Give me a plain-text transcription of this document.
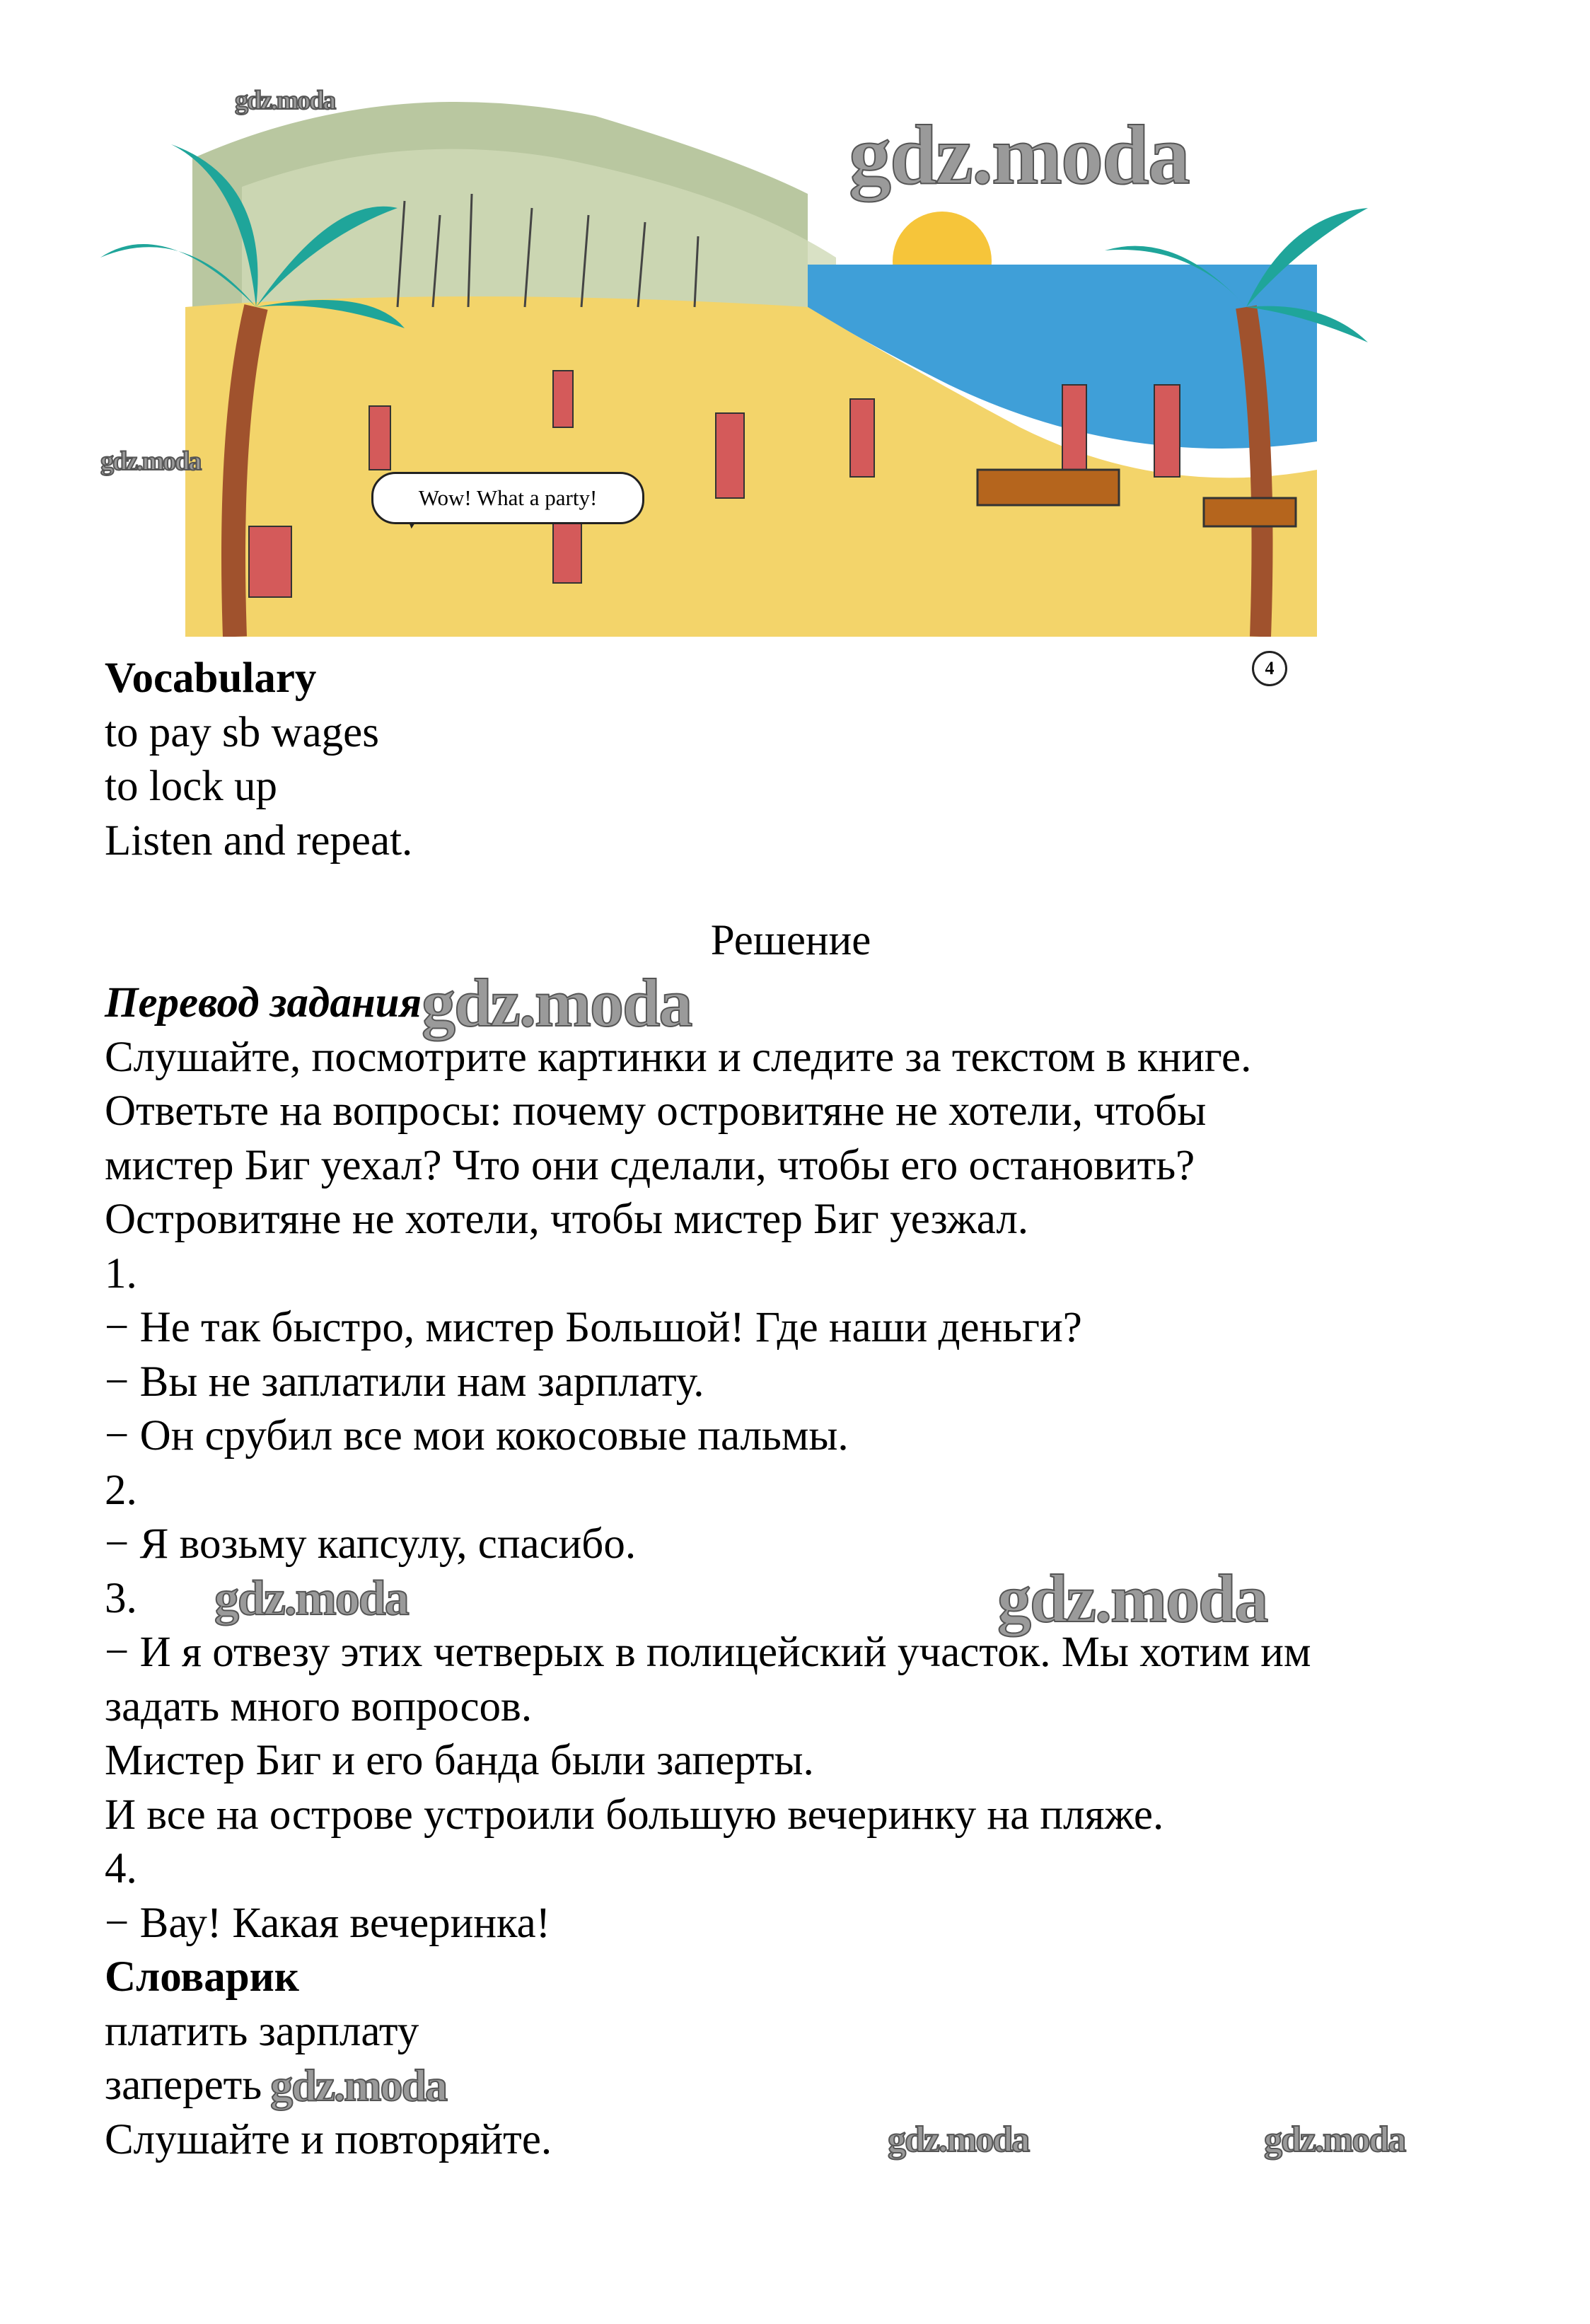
Wow! What a party!
4
gdz.moda
gdz.moda
gdz.moda
Vocabulary
to pay sb wages
to lock up
Listen and repeat.
Решение
Перевод заданияgdz.moda
Слушайте, посмотрите картинки и следите за текстом в книге.
Ответьте на вопросы: почему островитяне не хотели, чтобы
мистер Биг уехал? Что они сделали, чтобы его остановить?
Островитяне не хотели, чтобы мистер Биг уезжал.
1.
− Не так быстро, мистер Большой! Где наши деньги?
− Вы не заплатили нам зарплату.
− Он срубил все мои кокосовые пальмы.
2.
− Я возьму капсулу, спасибо.
3. gdz.moda	gdz.moda
− И я отвезу этих четверых в полицейский участок. Мы хотим им
задать много вопросов.
Мистер Биг и его банда были заперты.
И все на острове устроили большую вечеринку на пляже.
4.
− Вау! Какая вечеринка!
Словарик
платить зарплату
запереть gdz.moda
Слушайте и повторяйте.	gdz.moda	gdz.moda
